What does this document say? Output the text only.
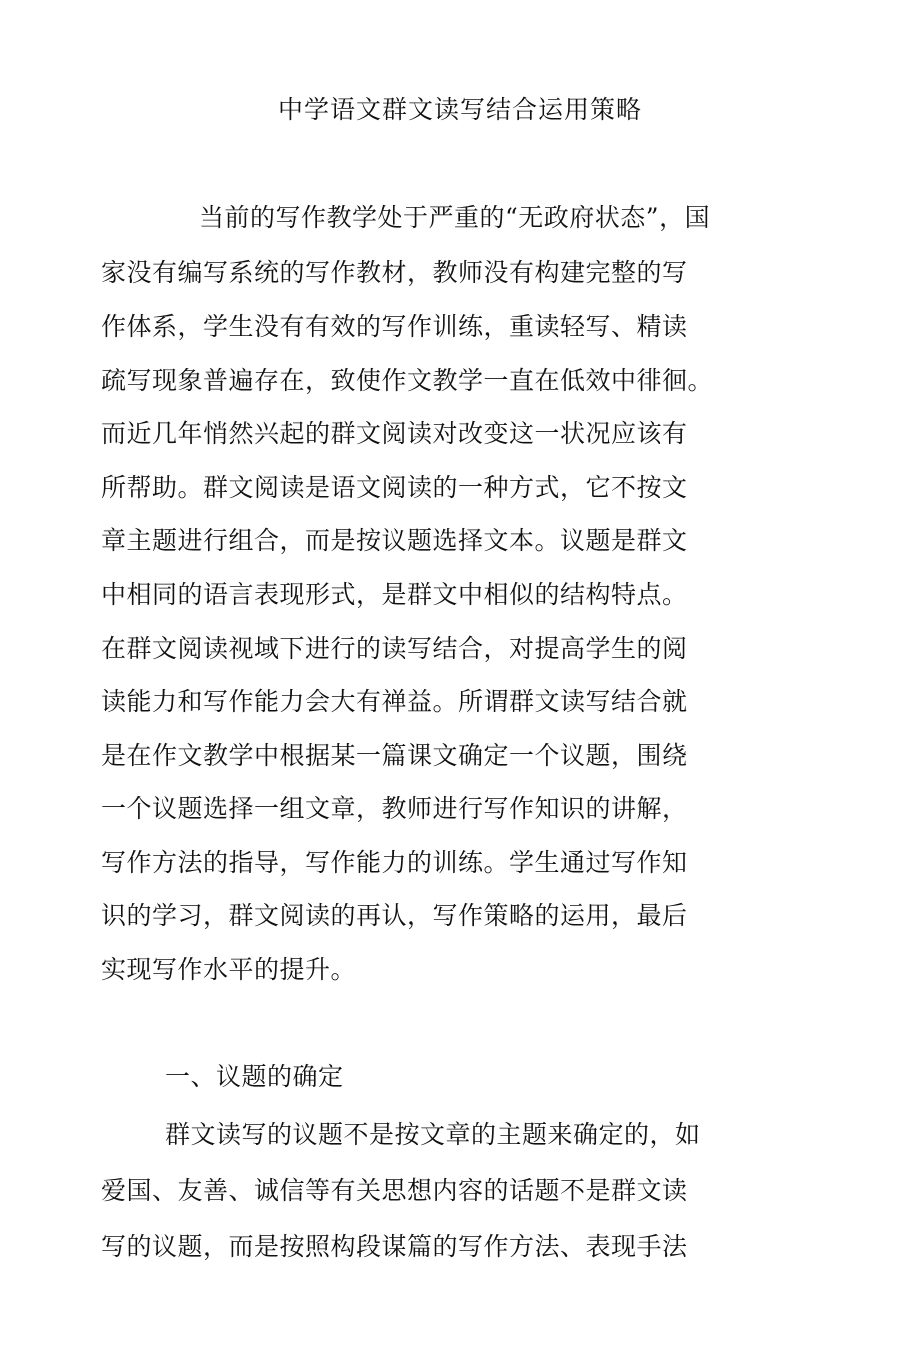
中学语文群文读写结合运用策略
当前的写作教学处于严重的“无政府状态”，国
家没有编写系统的写作教材，教师没有构建完整的写
作体系，学生没有有效的写作训练，重读轻写、精读
疏写现象普遍存在，致使作文教学一直在低效中徘徊。
而近几年悄然兴起的群文阅读对改变这一状况应该有
所帮助。群文阅读是语文阅读的一种方式，它不按文
章主题进行组合，而是按议题选择文本。议题是群文
中相同的语言表现形式，是群文中相似的结构特点。
在群文阅读视域下进行的读写结合，对提高学生的阅
读能力和写作能力会大有禅益。所谓群文读写结合就
是在作文教学中根据某一篇课文确定一个议题，围绕
一个议题选择一组文章，教师进行写作知识的讲解，
写作方法的指导，写作能力的训练。学生通过写作知
识的学习，群文阅读的再认，写作策略的运用，最后
实现写作水平的提升。
一、议题的确定
群文读写的议题不是按文章的主题来确定的，如
爱国、友善、诚信等有关思想内容的话题不是群文读
写的议题，而是按照构段谋篇的写作方法、表现手法
